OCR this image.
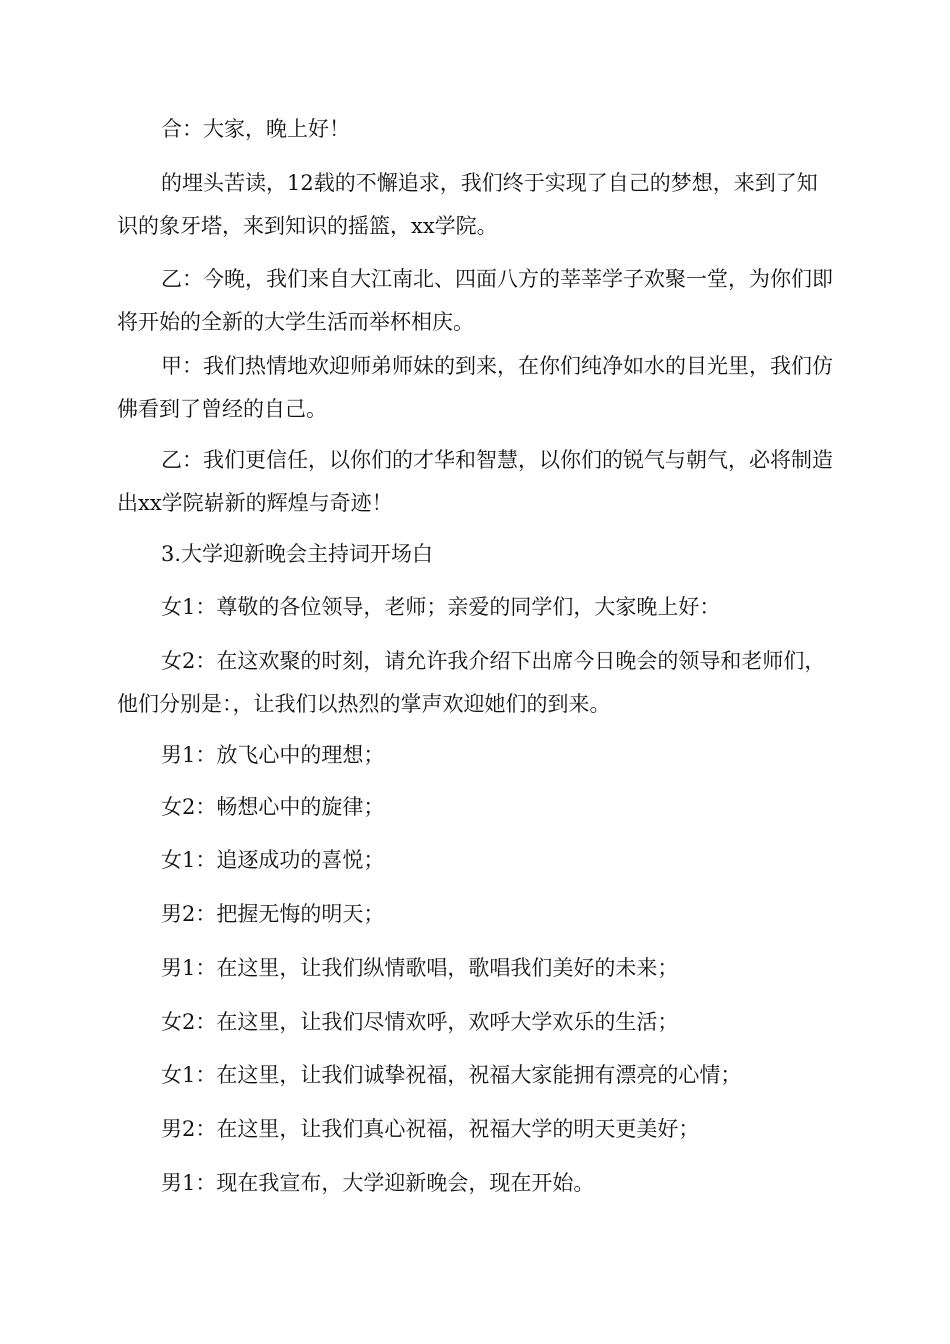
合：大家，晚上好！

的埋头苦读，12载的不懈追求，我们终于实现了自己的梦想，来到了知识的象牙塔，来到知识的摇篮，xx学院。

乙：今晚，我们来自大江南北、四面八方的莘莘学子欢聚一堂，为你们即将开始的全新的大学生活而举杯相庆。

甲：我们热情地欢迎师弟师妹的到来，在你们纯净如水的目光里，我们仿佛看到了曾经的自己。

乙：我们更信任，以你们的才华和智慧，以你们的锐气与朝气，必将制造出xx学院崭新的辉煌与奇迹！

3.大学迎新晚会主持词开场白

女1：尊敬的各位领导，老师；亲爱的同学们，大家晚上好：

女2：在这欢聚的时刻，请允许我介绍下出席今日晚会的领导和老师们，他们分别是：，让我们以热烈的掌声欢迎她们的到来。

男1：放飞心中的理想；

女2：畅想心中的旋律；

女1：追逐成功的喜悦；

男2：把握无悔的明天；

男1：在这里，让我们纵情歌唱，歌唱我们美好的未来；

女2：在这里，让我们尽情欢呼，欢呼大学欢乐的生活；

女1：在这里，让我们诚挚祝福，祝福大家能拥有漂亮的心情；

男2：在这里，让我们真心祝福，祝福大学的明天更美好；

男1：现在我宣布，大学迎新晚会，现在开始。
